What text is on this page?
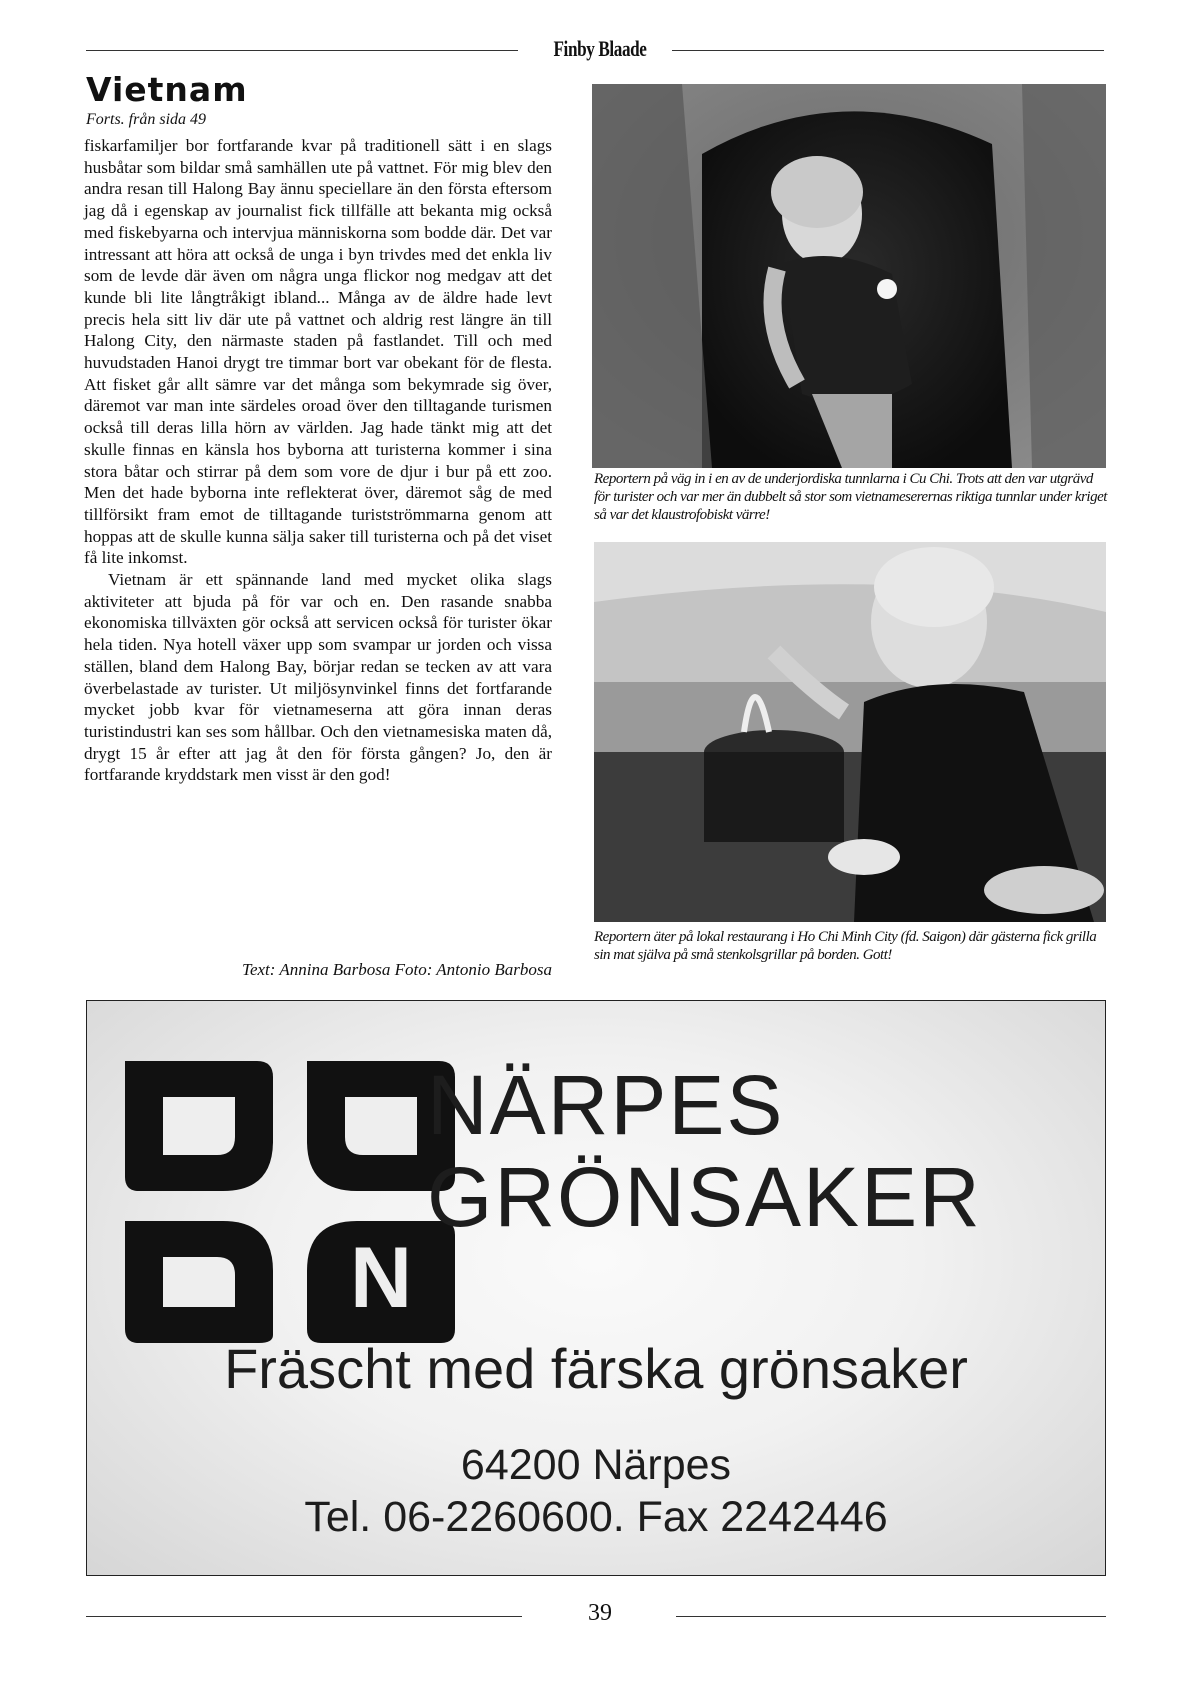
Finby Blaade
Vietnam
Forts. från sida 49

fiskarfamiljer bor fortfarande kvar på traditionell sätt i en slags husbåtar som bildar små samhällen ute på vattnet. För mig blev den andra resan till Halong Bay ännu speciellare än den första eftersom jag då i egenskap av journalist fick tillfälle att bekanta mig också med fiskebyarna och intervjua människorna som bodde där. Det var intressant att höra att också de unga i byn trivdes med det enkla liv som de levde där även om några unga flickor nog medgav att det kunde bli lite långtråkigt ibland... Många av de äldre hade levt precis hela sitt liv där ute på vattnet och aldrig rest längre än till Halong City, den närmaste staden på fastlandet. Till och med huvudstaden Hanoi drygt tre timmar bort var obekant för de flesta. Att fisket går allt sämre var det många som bekymrade sig över, däremot var man inte särdeles oroad över den tilltagande turismen också till deras lilla hörn av världen. Jag hade tänkt mig att det skulle finnas en känsla hos byborna att turisterna kommer i sina stora båtar och stirrar på dem som vore de djur i bur på ett zoo. Men det hade byborna inte reflekterat över, däremot såg de med tillförsikt fram emot de tilltagande turistströmmarna genom att hoppas att de skulle kunna sälja saker till turisterna och på det viset få lite inkomst.

Vietnam är ett spännande land med mycket olika slags aktiviteter att bjuda på för var och en. Den rasande snabba ekonomiska tillväxten gör också att servicen också för turister ökar hela tiden. Nya hotell växer upp som svampar ur jorden och vissa ställen, bland dem Halong Bay, börjar redan se tecken av att vara överbelastade av turister. Ut miljösynvinkel finns det fortfarande mycket jobb kvar för vietnameserna att göra innan deras turistindustri kan ses som hållbar. Och den vietnamesiska maten då, drygt 15 år efter att jag åt den för första gången? Jo, den är fortfarande kryddstark men visst är den god!

Text: Annina Barbosa Foto: Antonio Barbosa

Reportern på väg in i en av de underjordiska tunnlarna i Cu Chi. Trots att den var utgrävd för turister och var mer än dubbelt så stor som vietnameserernas riktiga tunnlar under kriget så var det klaustrofobiskt värre!

Reportern äter på lokal restaurang i Ho Chi Minh City (fd. Saigon) där gästerna fick grilla sin mat själva på små stenkolsgrillar på borden. Gott!

N
NÄRPES
GRÖNSAKER
Fräscht med färska grönsaker
64200 Närpes
Tel. 06-2260600. Fax 2242446
39
